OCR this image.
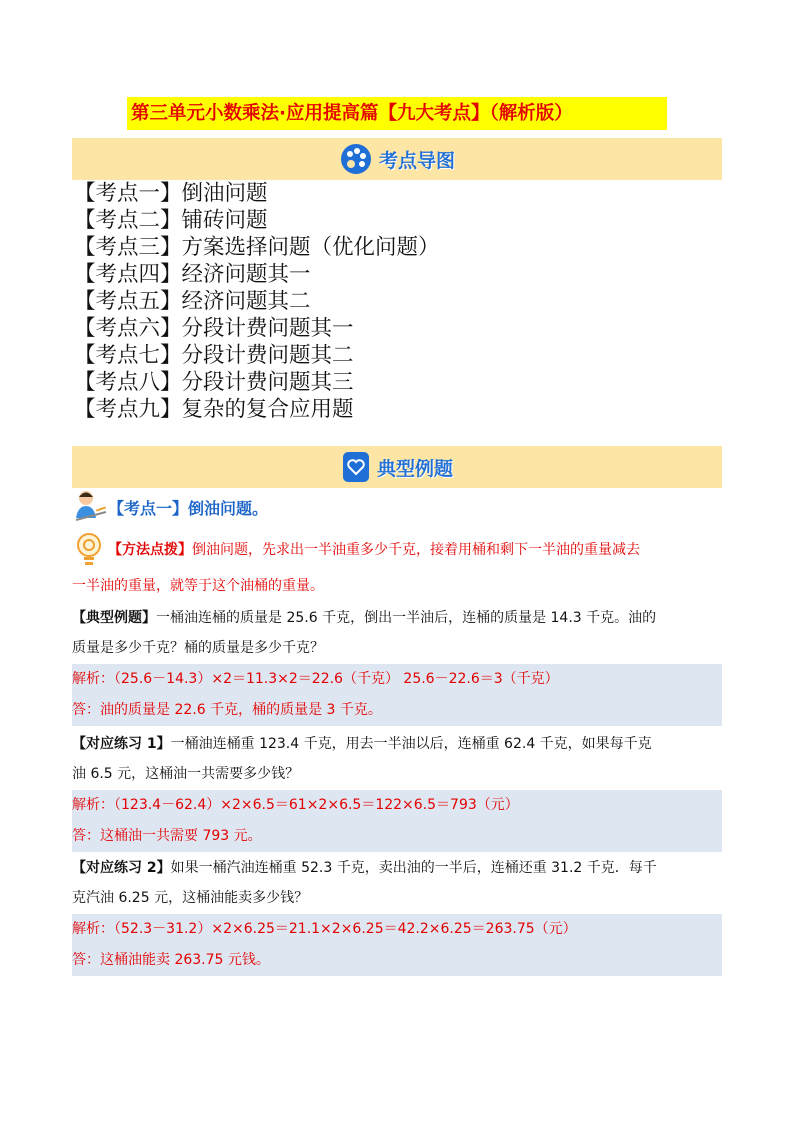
第三单元小数乘法·应用提高篇【九大考点】（解析版）
考点导图
【考点一】倒油问题
【考点二】铺砖问题
【考点三】方案选择问题（优化问题）
【考点四】经济问题其一
【考点五】经济问题其二
【考点六】分段计费问题其一
【考点七】分段计费问题其二
【考点八】分段计费问题其三
【考点九】复杂的复合应用题
典型例题
【考点一】倒油问题。
【方法点拨】倒油问题，先求出一半油重多少千克，接着用桶和剩下一半油的重量减去
一半油的重量，就等于这个油桶的重量。
【典型例题】一桶油连桶的质量是 25.6 千克，倒出一半油后，连桶的质量是 14.3 千克。油的
质量是多少千克？桶的质量是多少千克？
解析：（25.6－14.3）×2＝11.3×2＝22.6（千克） 25.6－22.6＝3（千克）
答：油的质量是 22.6 千克，桶的质量是 3 千克。
【对应练习 1】一桶油连桶重 123.4 千克，用去一半油以后，连桶重 62.4 千克，如果每千克
油 6.5 元，这桶油一共需要多少钱？
解析：（123.4－62.4）×2×6.5＝61×2×6.5＝122×6.5＝793（元）
答：这桶油一共需要 793 元。
【对应练习 2】如果一桶汽油连桶重 52.3 千克，卖出油的一半后，连桶还重 31.2 千克．每千
克汽油 6.25 元，这桶油能卖多少钱？
解析：（52.3－31.2）×2×6.25＝21.1×2×6.25＝42.2×6.25＝263.75（元）
答：这桶油能卖 263.75 元钱。
